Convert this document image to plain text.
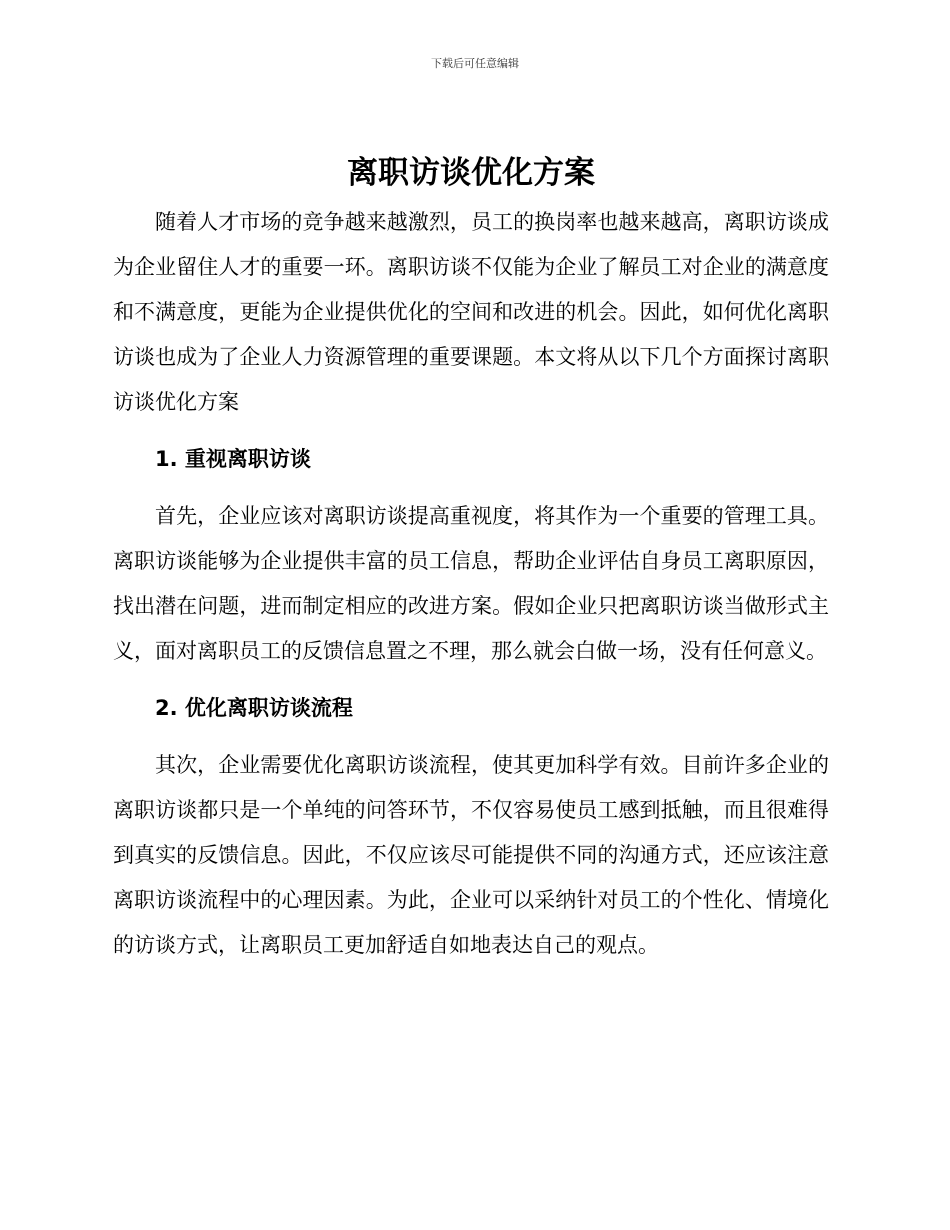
下载后可任意编辑
离职访谈优化方案

随着人才市场的竞争越来越激烈，员工的换岗率也越来越高，离职访谈成为企业留住人才的重要一环。离职访谈不仅能为企业了解员工对企业的满意度和不满意度，更能为企业提供优化的空间和改进的机会。因此，如何优化离职访谈也成为了企业人力资源管理的重要课题。本文将从以下几个方面探讨离职访谈优化方案

1. 重视离职访谈

首先，企业应该对离职访谈提高重视度，将其作为一个重要的管理工具。离职访谈能够为企业提供丰富的员工信息，帮助企业评估自身员工离职原因，找出潜在问题，进而制定相应的改进方案。假如企业只把离职访谈当做形式主义，面对离职员工的反馈信息置之不理，那么就会白做一场，没有任何意义。

2. 优化离职访谈流程

其次，企业需要优化离职访谈流程，使其更加科学有效。目前许多企业的离职访谈都只是一个单纯的问答环节，不仅容易使员工感到抵触，而且很难得到真实的反馈信息。因此，不仅应该尽可能提供不同的沟通方式，还应该注意离职访谈流程中的心理因素。为此，企业可以采纳针对员工的个性化、情境化的访谈方式，让离职员工更加舒适自如地表达自己的观点。
